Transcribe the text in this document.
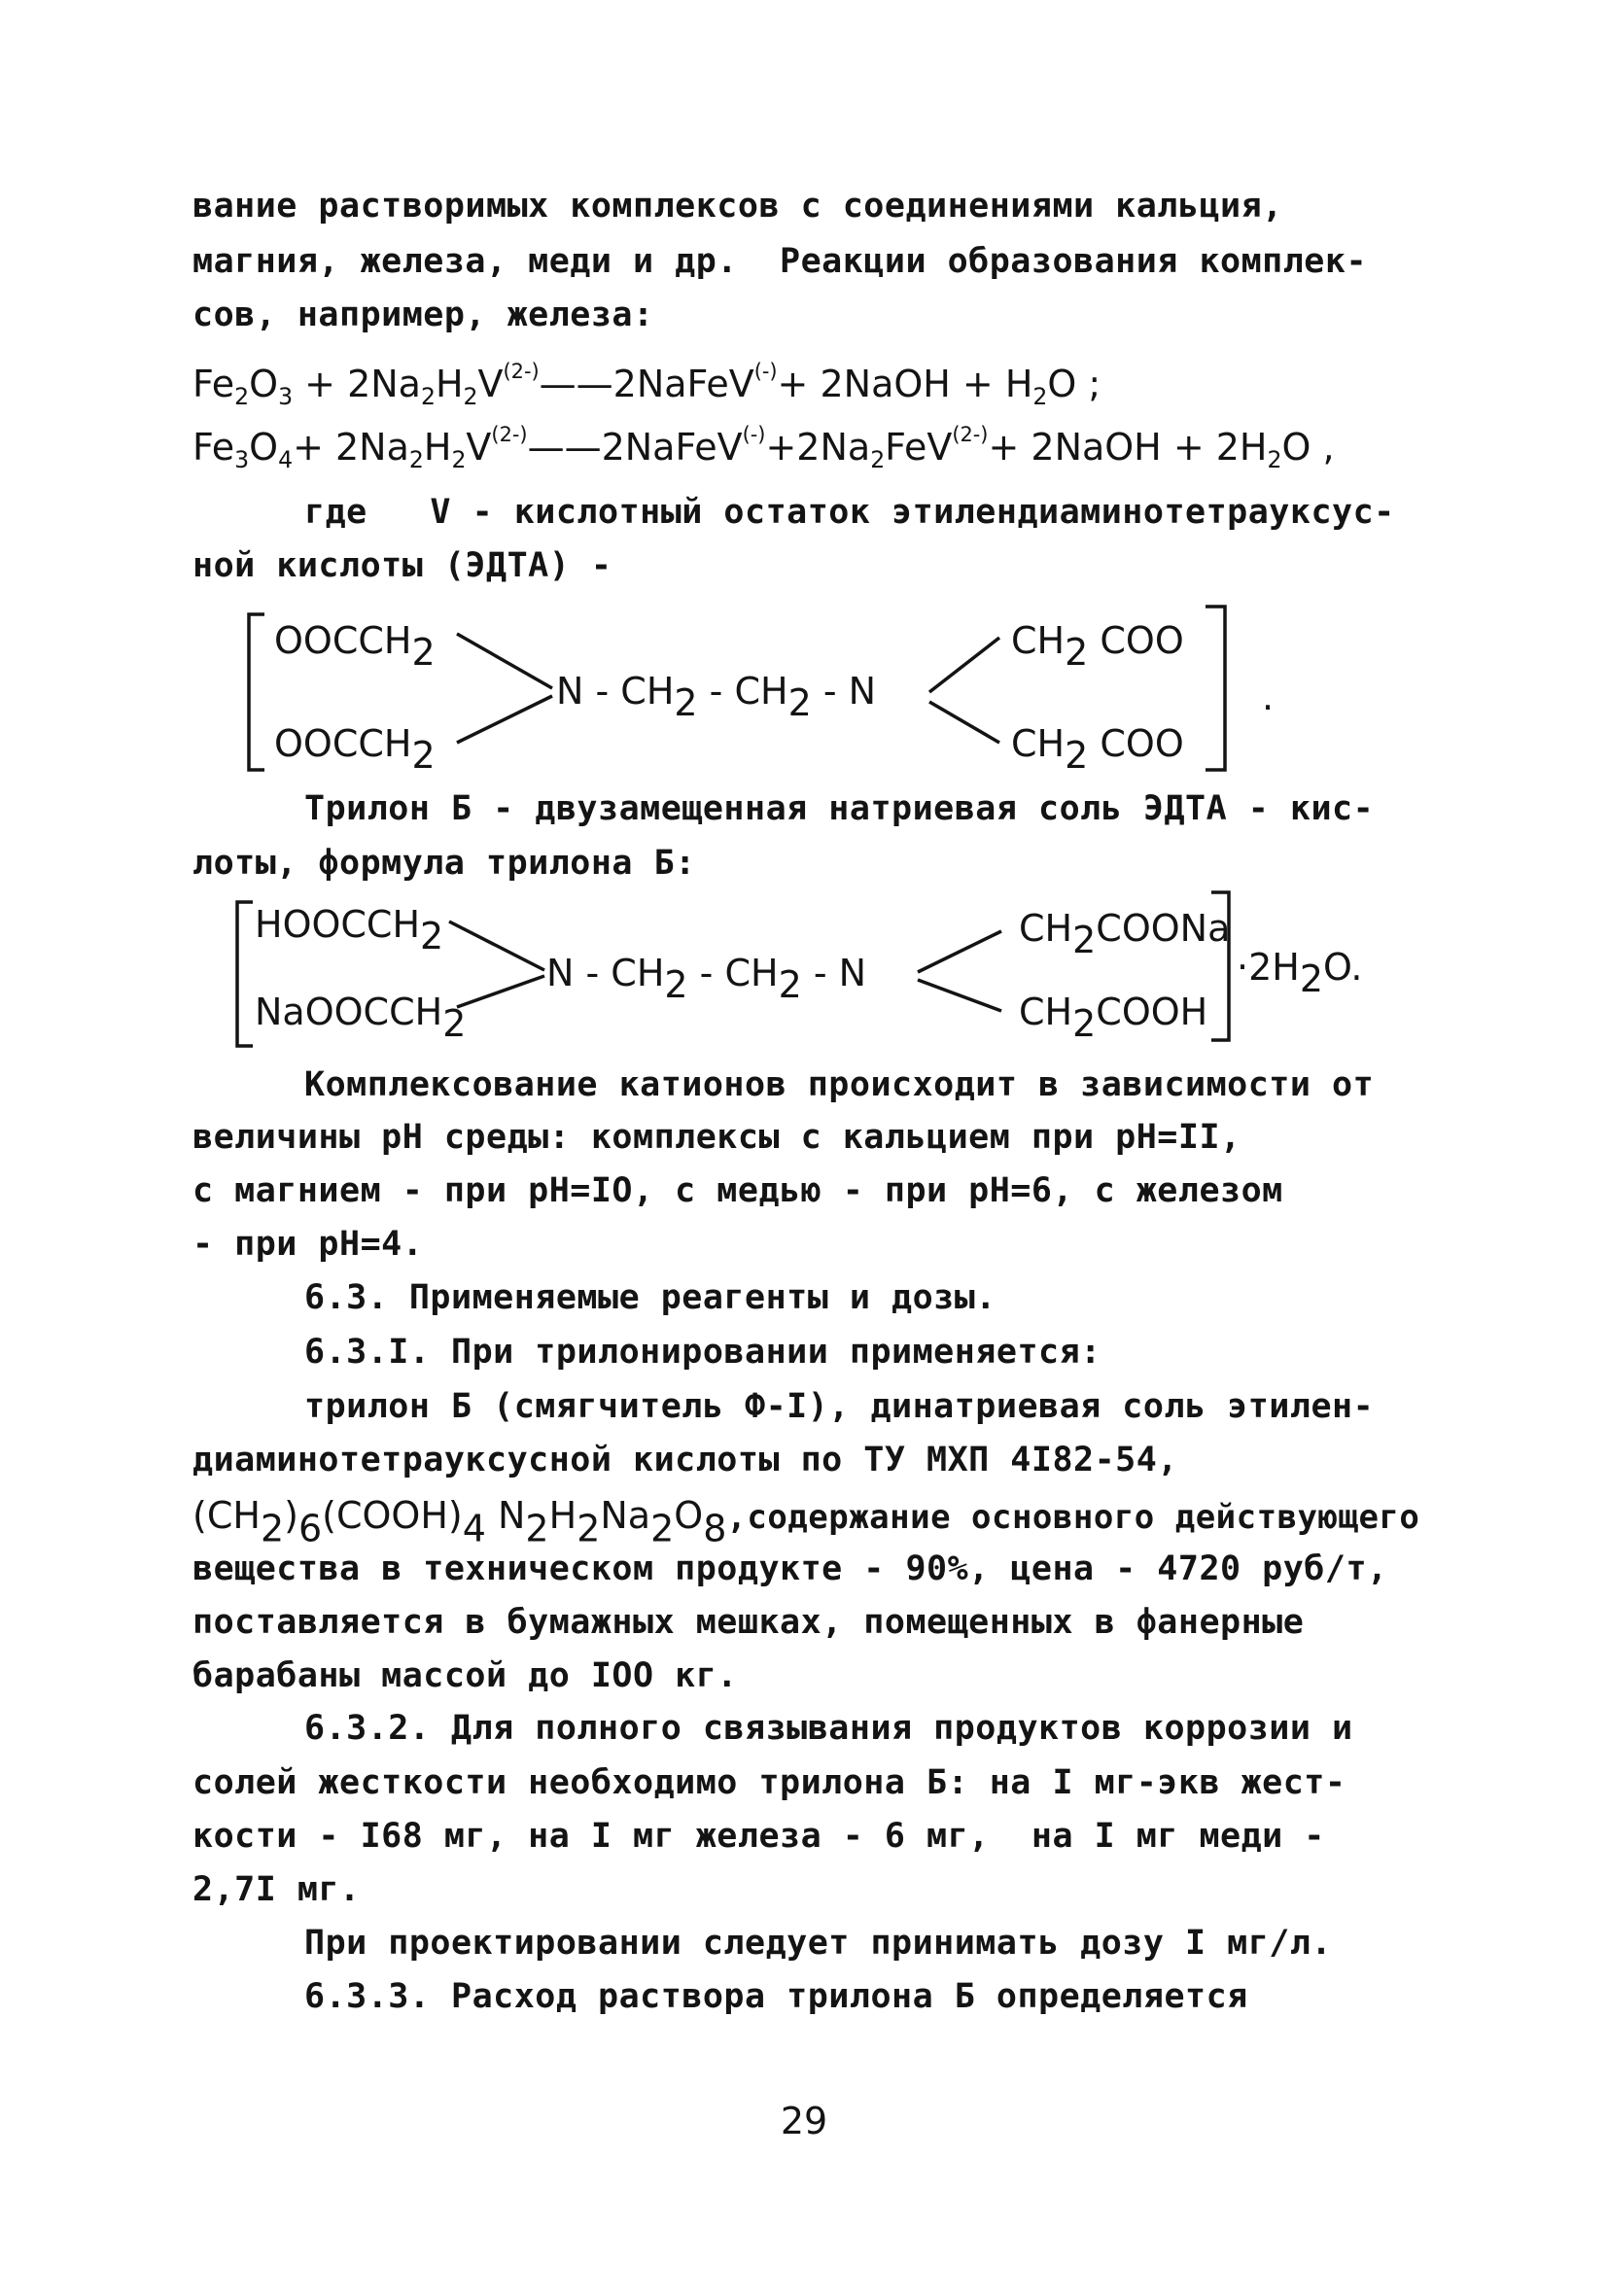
вание растворимых комплексов с соединениями кальция,
магния, железа, меди и др.  Реакции образования комплек-
сов, например, железа:
$Fe_2O_3$ + $2Na_2H_2V^{(2-)}——2NaFeV^{(-)}+$ 2NaOH + $H_2O$ ;
$Fe_3O_4+$ $2Na_2H_2V^{(2-)}——2NaFeV^{(-)}+2Na_2FeV^{(2-)}+$ 2NaOH + $2H_2O$ ,
где   V - кислотный остаток этилендиаминотетрауксус-
ной кислоты (ЭДТА) -
OOCCH2
OOCCH2
N - CH2 - CH2 - N
CH2 COO
CH2 COO
.
HOOCCH2
NaOOCCH2
N - CH2 - CH2 - N
CH2COONa
CH2COOH
·2H2O.
Трилон Б - двузамещенная натриевая соль ЭДТА - кис-
лоты, формула трилона Б:
Комплексование катионов происходит в зависимости от
величины pH среды: комплексы с кальцием при pH=II,
с магнием - при pH=IO, с медью - при pH=6, с железом
- при pH=4.
6.3. Применяемые реагенты и дозы.
6.3.I. При трилонировании применяется:
трилон Б (смягчитель Ф-I), динатриевая соль этилен-
диаминотетрауксусной кислоты по ТУ МХП 4I82-54,
$(CH_2)_6(COOH)_4$ $N_2H_2Na_2O_8,содержание$ основного действующего
вещества в техническом продукте - 90%, цена - 4720 руб/т,
поставляется в бумажных мешках, помещенных в фанерные
барабаны массой до IOO кг.
6.3.2. Для полного связывания продуктов коррозии и
солей жесткости необходимо трилона Б: на I мг-экв жест-
кости - I68 мг, на I мг железа - 6 мг,  на I мг меди -
2,7I мг.
При проектировании следует принимать дозу I мг/л.
6.3.3. Расход раствора трилона Б определяется
29
